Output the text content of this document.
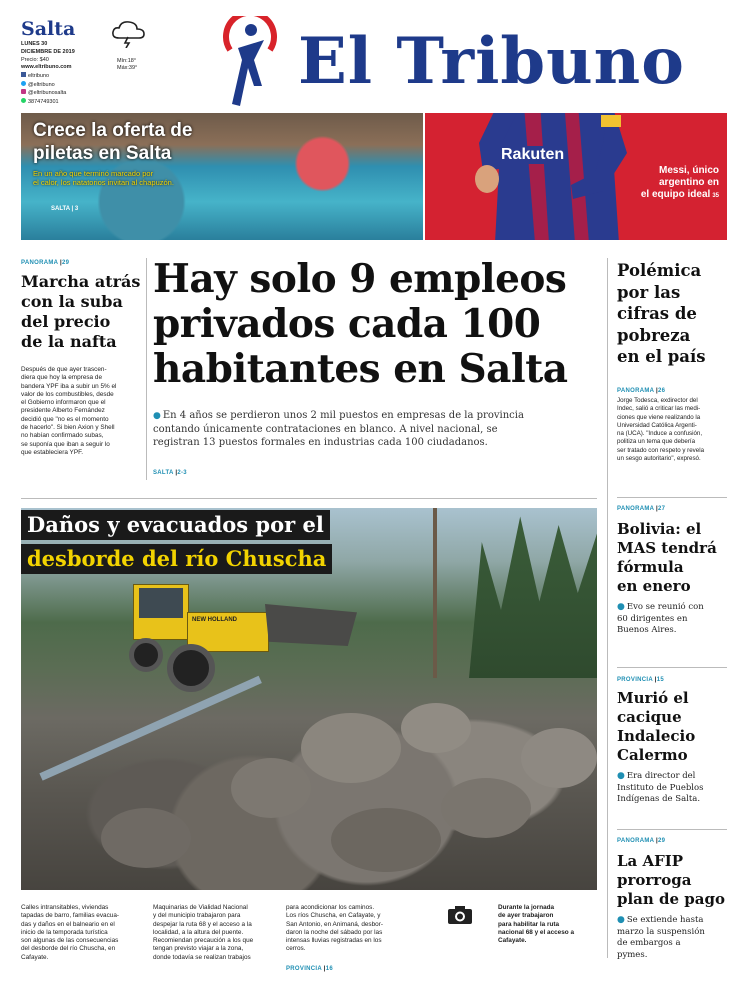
Salta
LUNES 30
DICIEMBRE DE 2019
Precio: $40
www.eltribuno.com
eltribuno
@eltribuno
@eltribunosalta
3874749301
Mín:18°
Máx:39°	El Tribuno
Crece la oferta de
piletas en Salta
En un año que terminó marcado por
el calor, los natatorios invitan al chapuzón.
SALTA | 3
Rakuten
Messi, único
argentino en
el equipo ideal 35
PANORAMA |29
Marcha atrás
con la suba
del precio
de la nafta
Después de que ayer trascen-
diera que hoy la empresa de
bandera YPF iba a subir un 5% el
valor de los combustibles, desde
el Gobierno informaron que el
presidente Alberto Fernández
decidió que "no es el momento
de hacerlo". Si bien Axion y Shell
no habían confirmado subas,
se suponía que iban a seguir lo
que estableciera YPF.
Hay solo 9 empleos
privados cada 100
habitantes en Salta
● En 4 años se perdieron unos 2 mil puestos en empresas de la provincia
contando únicamente contrataciones en blanco. A nivel nacional, se
registran 13 puestos formales en industrias cada 100 ciudadanos.
SALTA |2-3
NEW HOLLAND
Daños y evacuados por el
desborde del río Chuscha
Calles intransitables, viviendas
tapadas de barro, familias evacua-
das y daños en el balneario en el
inicio de la temporada turística
son algunas de las consecuencias
del desborde del río Chuscha, en
Cafayate.
Maquinarias de Vialidad Nacional
y del municipio trabajaron para
despejar la ruta 68 y el acceso a la
localidad, a la altura del puente.
Recomiendan precaución a los que
tengan previsto viajar a la zona,
donde todavía se realizan trabajos
para acondicionar los caminos.
Los ríos Chuscha, en Cafayate, y
San Antonio, en Animaná, desbor-
daron la noche del sábado por las
intensas lluvias registradas en los
cerros.
PROVINCIA |16
Durante la jornada
de ayer trabajaron
para habilitar la ruta
nacional 68 y el acceso a
Cafayate.
Polémica
por las
cifras de
pobreza
en el país
PANORAMA |26
Jorge Todesca, exdirector del
Indec, salió a criticar las medi-
ciones que viene realizando la
Universidad Católica Argenti-
na (UCA). "Induce a confusión,
politiza un tema que debería
ser tratado con respeto y revela
un sesgo autoritario", expresó.
PANORAMA |27
Bolivia: el
MAS tendrá
fórmula
en enero
● Evo se reunió con
60 dirigentes en
Buenos Aires.
PROVINCIA |15
Murió el
cacique
Indalecio
Calermo
● Era director del
Instituto de Pueblos
Indígenas de Salta.
PANORAMA |29
La AFIP
prorroga
plan de pago
● Se extiende hasta
marzo la suspensión
de embargos a
pymes.
